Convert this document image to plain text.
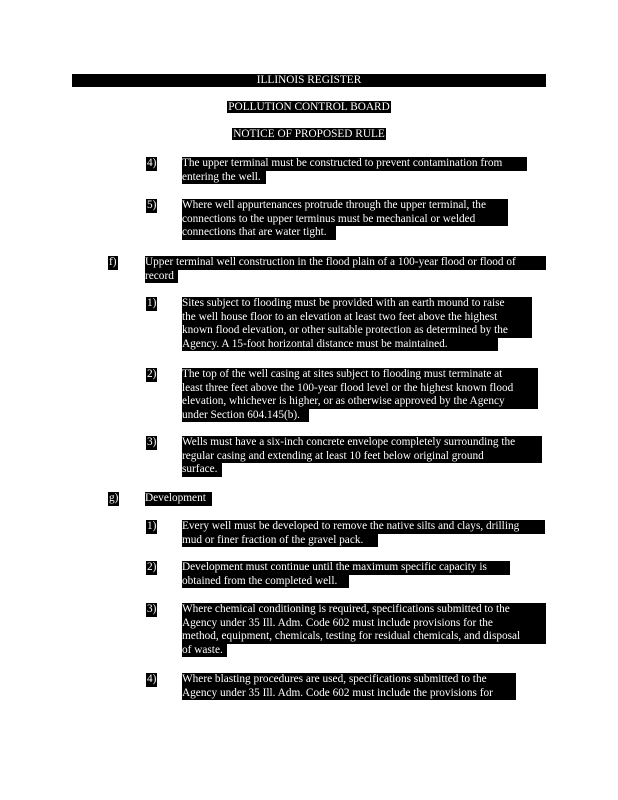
ILLINOIS REGISTER
POLLUTION CONTROL BOARD
NOTICE OF PROPOSED RULE
4) The upper terminal must be constructed to prevent contamination from
entering the well.
5) Where well appurtenances protrude through the upper terminal, the
connections to the upper terminus must be mechanical or welded
connections that are water tight.
f)	Upper terminal well construction in the flood plain of a 100-year flood or flood of
record
1) Sites subject to flooding must be provided with an earth mound to raise
the well house floor to an elevation at least two feet above the highest
known flood elevation, or other suitable protection as determined by the
Agency. A 15-foot horizontal distance must be maintained.
2) The top of the well casing at sites subject to flooding must terminate at
least three feet above the 100-year flood level or the highest known flood
elevation, whichever is higher, or as otherwise approved by the Agency
under Section 604.145(b).
3) Wells must have a six-inch concrete envelope completely surrounding the
regular casing and extending at least 10 feet below original ground
surface.
g) Development
1) Every well must be developed to remove the native silts and clays, drilling
mud or finer fraction of the gravel pack.
2) Development must continue until the maximum specific capacity is
obtained from the completed well.
3) Where chemical conditioning is required, specifications submitted to the
Agency under 35 Ill. Adm. Code 602 must include provisions for the
method, equipment, chemicals, testing for residual chemicals, and disposal
of waste.
4) Where blasting procedures are used, specifications submitted to the
Agency under 35 Ill. Adm. Code 602 must include the provisions for
